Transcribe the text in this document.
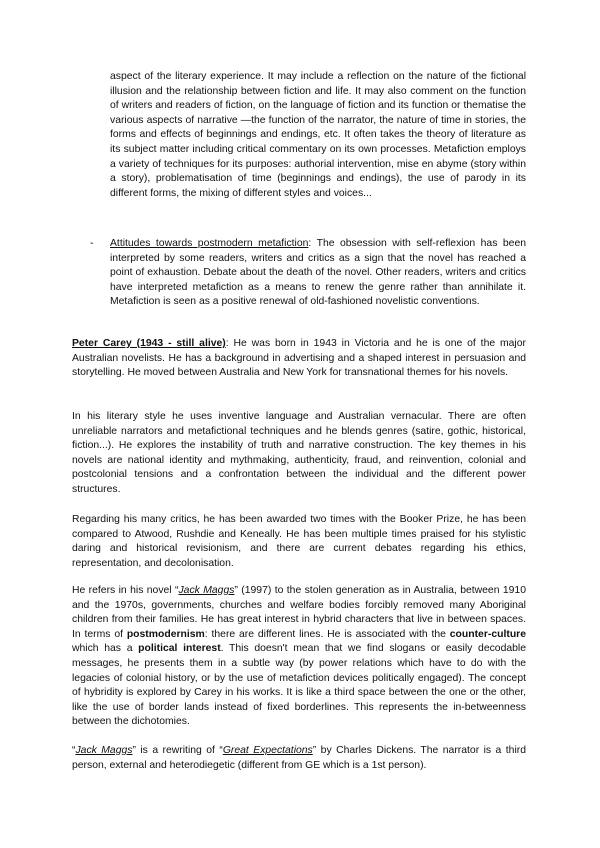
aspect of the literary experience. It may include a reflection on the nature of the fictional illusion and the relationship between fiction and life. It may also comment on the function of writers and readers of fiction, on the language of fiction and its function or thematise the various aspects of narrative —the function of the narrator, the nature of time in stories, the forms and effects of beginnings and endings, etc. It often takes the theory of literature as its subject matter including critical commentary on its own processes. Metafiction employs a variety of techniques for its purposes: authorial intervention, mise en abyme (story within a story), problematisation of time (beginnings and endings), the use of parody in its different forms, the mixing of different styles and voices...
-	Attitudes towards postmodern metafiction: The obsession with self-reflexion has been interpreted by some readers, writers and critics as a sign that the novel has reached a point of exhaustion. Debate about the death of the novel. Other readers, writers and critics have interpreted metafiction as a means to renew the genre rather than annihilate it. Metafiction is seen as a positive renewal of old-fashioned novelistic conventions.
Peter Carey (1943 - still alive): He was born in 1943 in Victoria and he is one of the major Australian novelists. He has a background in advertising and a shaped interest in persuasion and storytelling. He moved between Australia and New York for transnational themes for his novels.
In his literary style he uses inventive language and Australian vernacular. There are often unreliable narrators and metafictional techniques and he blends genres (satire, gothic, historical, fiction...). He explores the instability of truth and narrative construction. The key themes in his novels are national identity and mythmaking, authenticity, fraud, and reinvention, colonial and postcolonial tensions and a confrontation between the individual and the different power structures.
Regarding his many critics, he has been awarded two times with the Booker Prize, he has been compared to Atwood, Rushdie and Keneally. He has been multiple times praised for his stylistic daring and historical revisionism, and there are current debates regarding his ethics, representation, and decolonisation.
He refers in his novel “Jack Maggs” (1997) to the stolen generation as in Australia, between 1910 and the 1970s, governments, churches and welfare bodies forcibly removed many Aboriginal children from their families. He has great interest in hybrid characters that live in between spaces. In terms of postmodernism: there are different lines. He is associated with the counter-culture which has a political interest. This doesn't mean that we find slogans or easily decodable messages, he presents them in a subtle way (by power relations which have to do with the legacies of colonial history, or by the use of metafiction devices politically engaged). The concept of hybridity is explored by Carey in his works. It is like a third space between the one or the other, like the use of border lands instead of fixed borderlines. This represents the in-betweenness between the dichotomies.
“Jack Maggs” is a rewriting of “Great Expectations” by Charles Dickens. The narrator is a third person, external and heterodiegetic (different from GE which is a 1st person).
